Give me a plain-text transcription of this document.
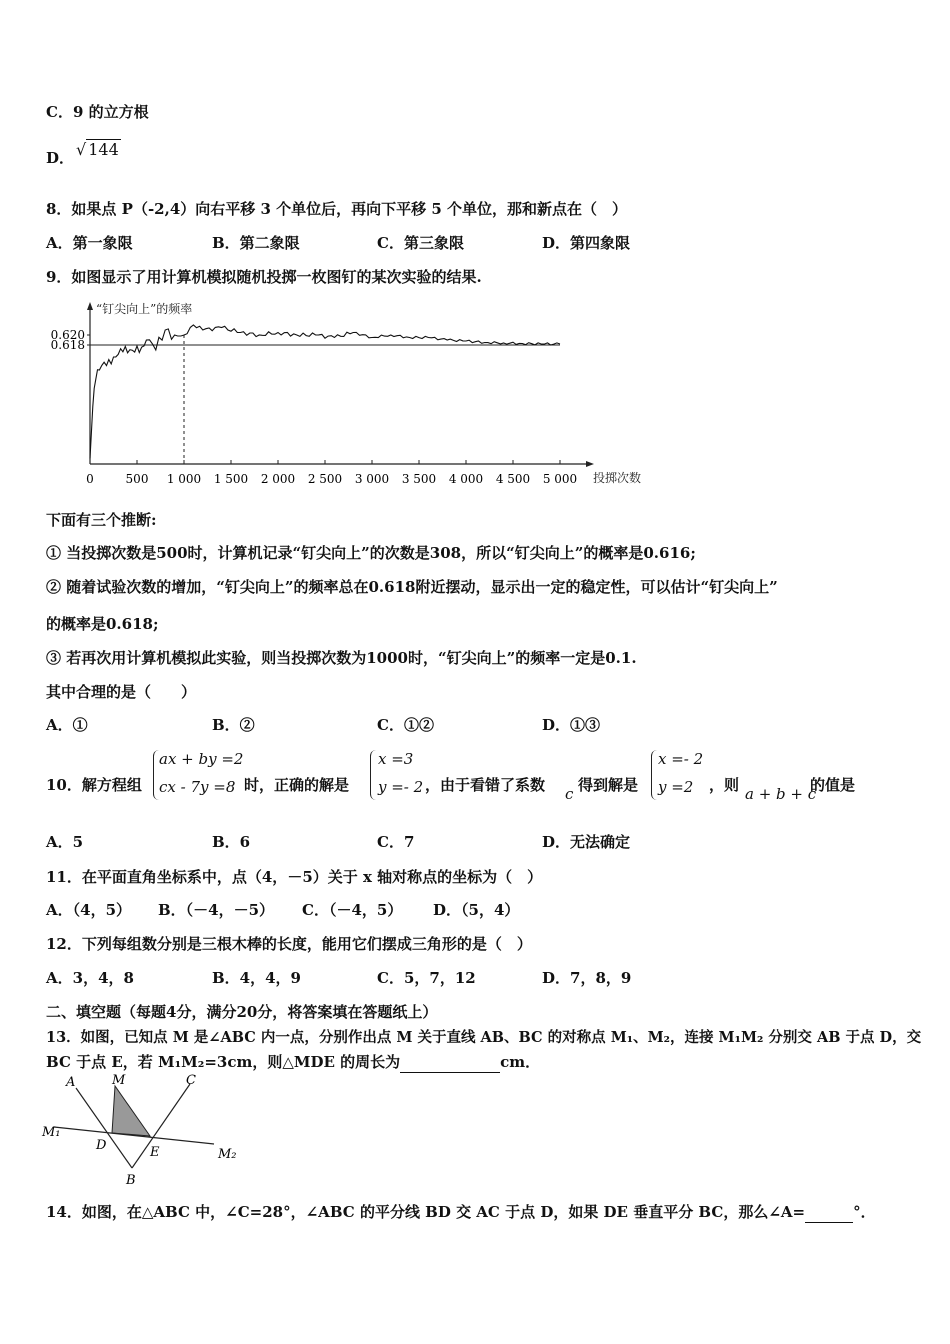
C．9 的立方根
D． √ 144
8．如果点 P（-2,4）向右平移 3 个单位后，再向下平移 5 个单位，那和新点在（　）
A．第一象限	B．第二象限	C．第三象限	D．第四象限
9．如图显示了用计算机模拟随机投掷一枚图钉的某次实验的结果.
“钉尖向上”的频率
投掷次数
0	500 1 000 1 500 2 000 2 500 3 000 3 500 4 000 4 500 5 000
0.620
0.618
下面有三个推断:
① 当投掷次数是500时，计算机记录“钉尖向上”的次数是308，所以“钉尖向上”的概率是0.616;
② 随着试验次数的增加，“钉尖向上”的频率总在0.618附近摆动，显示出一定的稳定性，可以估计“钉尖向上”
的概率是0.618;
③ 若再次用计算机模拟此实验，则当投掷次数为1000时，“钉尖向上”的频率一定是0.1.
其中合理的是（　　）
A．①	B．②	C．①②	D．①③
10．解方程组
ax + by =2
cx - 7y =8 时，正确的解是
x =3
y =- 2 ，由于看错了系数 c 得到解是
x =- 2
y =2 ，则 a + b + c
的值是
A．5	B．6	C．7	D．无法确定
11．在平面直角坐标系中，点（4，－5）关于 x 轴对称点的坐标为（　）
A．（4，5） B．（－4，－5） C．（－4，5） D．（5，4）
12．下列每组数分别是三根木棒的长度，能用它们摆成三角形的是（　）
A．3，4，8	B．4，4，9	C．5，7，12	D．7，8，9
二、填空题（每题4分，满分20分，将答案填在答题纸上）
13．如图，已知点 M 是∠ABC 内一点，分别作出点 M 关于直线 AB、BC 的对称点 M₁、M₂，连接 M₁M₂ 分别交 AB 于点 D，交
BC 于点 E，若 M₁M₂=3cm，则△MDE 的周长为	cm．
A	M	C
M₁
D	E	M₂
B
14．如图，在△ABC 中，∠C=28°，∠ABC 的平分线 BD 交 AC 于点 D，如果 DE 垂直平分 BC，那么∠A=	°．
